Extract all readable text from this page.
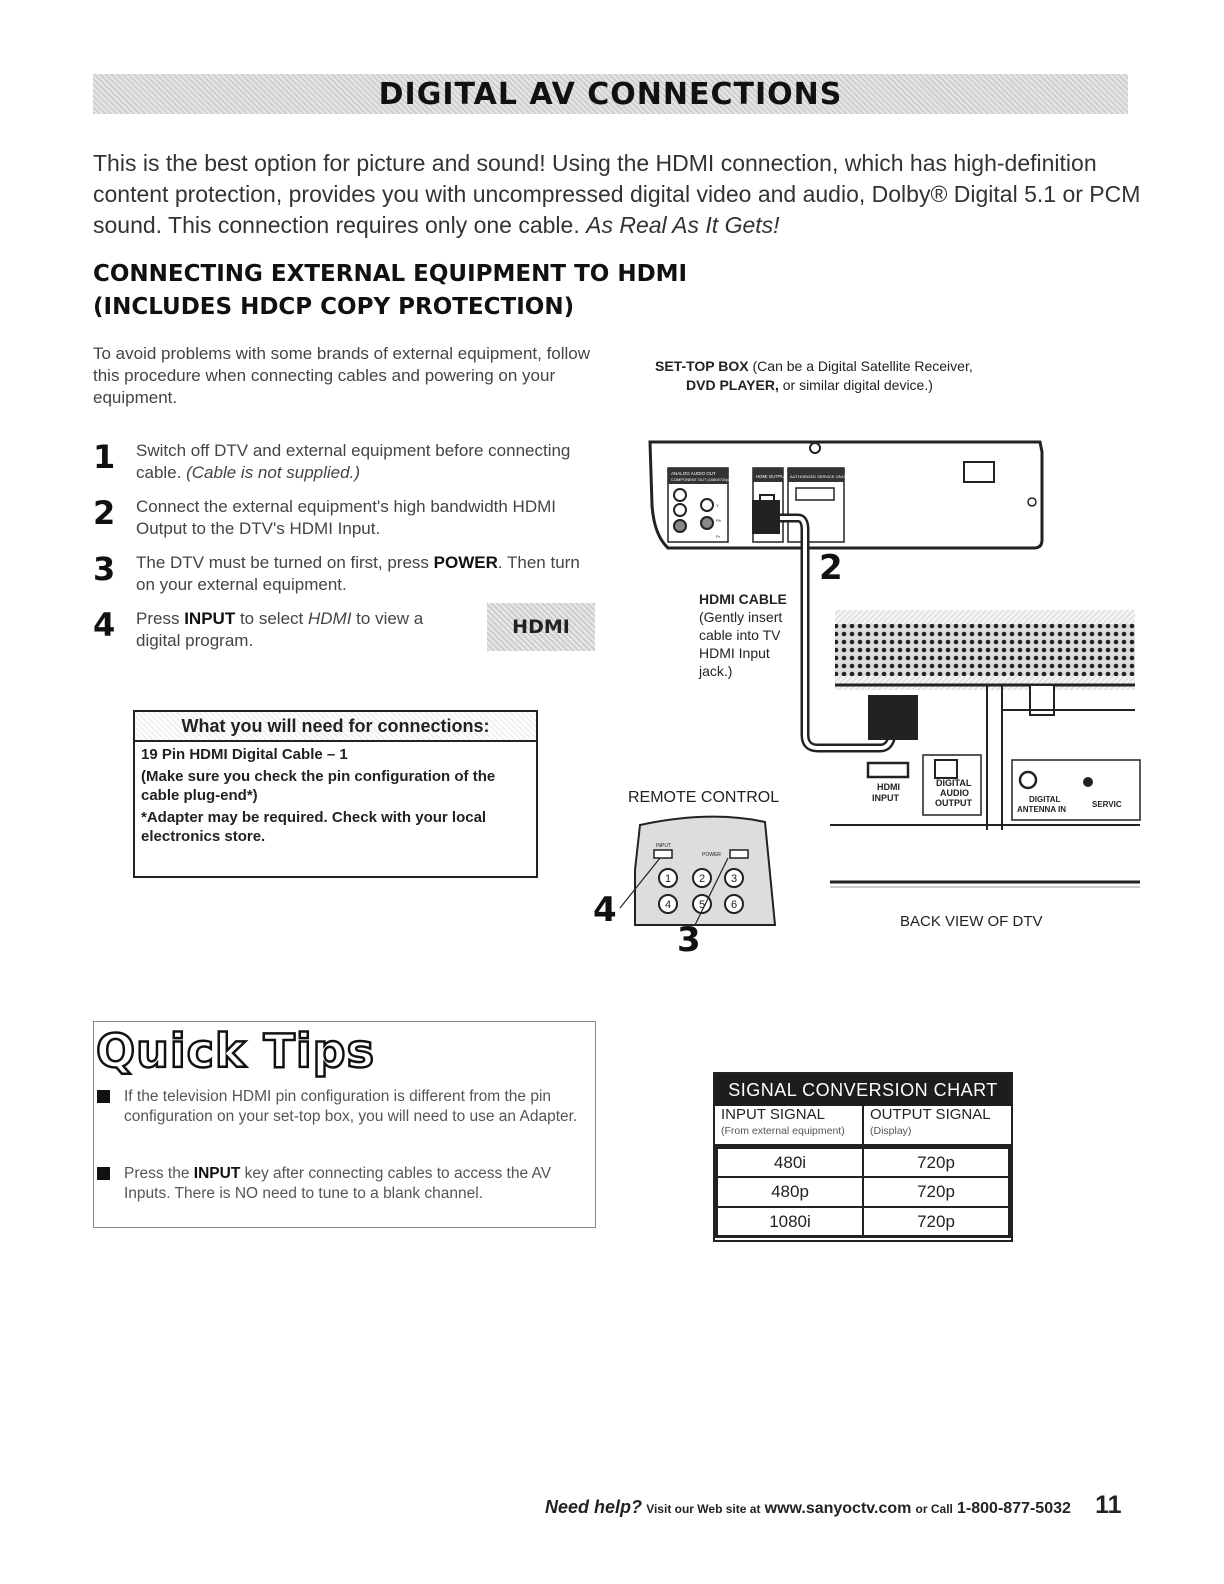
DIGITAL AV CONNECTIONS
This is the best option for picture and sound! Using the HDMI connection, which has high-definition content protection, provides you with uncompressed digital video and audio, Dolby® Digital 5.1 or PCM sound. This connection requires only one cable. As Real As It Gets!
CONNECTING EXTERNAL EQUIPMENT TO HDMI
(INCLUDES HDCP COPY PROTECTION)
To avoid problems with some brands of external equipment, follow this procedure when connecting cables and powering on your equipment.
1 Switch off DTV and external equipment before connecting cable. (Cable is not supplied.)
2 Connect the external equipment's high bandwidth HDMI Output to the DTV's HDMI Input.
3 The DTV must be turned on first, press POWER. Then turn on your external equipment.
4 Press INPUT to select HDMI to view a digital program.
HDMI
What you will need for connections:
19 Pin HDMI Digital Cable – 1
(Make sure you check the pin configuration of the cable plug-end*)
*Adapter may be required. Check with your local electronics store.
SET-TOP BOX (Can be a Digital Satellite Receiver,
DVD PLAYER, or similar digital device.)
ANALOG AUDIO OUT
COMPONENT OUT (1080i/720p/480p)
Y
Pb
Pr
HDMI OUTPUT AUTHORIZED SERVICE ONLY
HDMI
INPUT
DIGITAL
AUDIO
OUTPUT	DIGITAL
ANTENNA IN
SERVIC
INPUT
POWER
1	2 3
4	5 6
HDMI CABLE
(Gently insert
cable into TV
HDMI Input
jack.)
2
REMOTE CONTROL
4
3	BACK VIEW OF DTV
Quick Tips
If the television HDMI pin configuration is different from the pin configuration on your set-top box, you will need to use an Adapter.
Press the INPUT key after connecting cables to access the AV Inputs. There is NO need to tune to a blank channel.
SIGNAL CONVERSION CHART
INPUT SIGNAL
(From external equipment)
OUTPUT SIGNAL
(Display)
480i	720p
480p	720p
1080i	720p
Need help? Visit our Web site at www.sanyoctv.com or Call 1-800-877-5032 11
